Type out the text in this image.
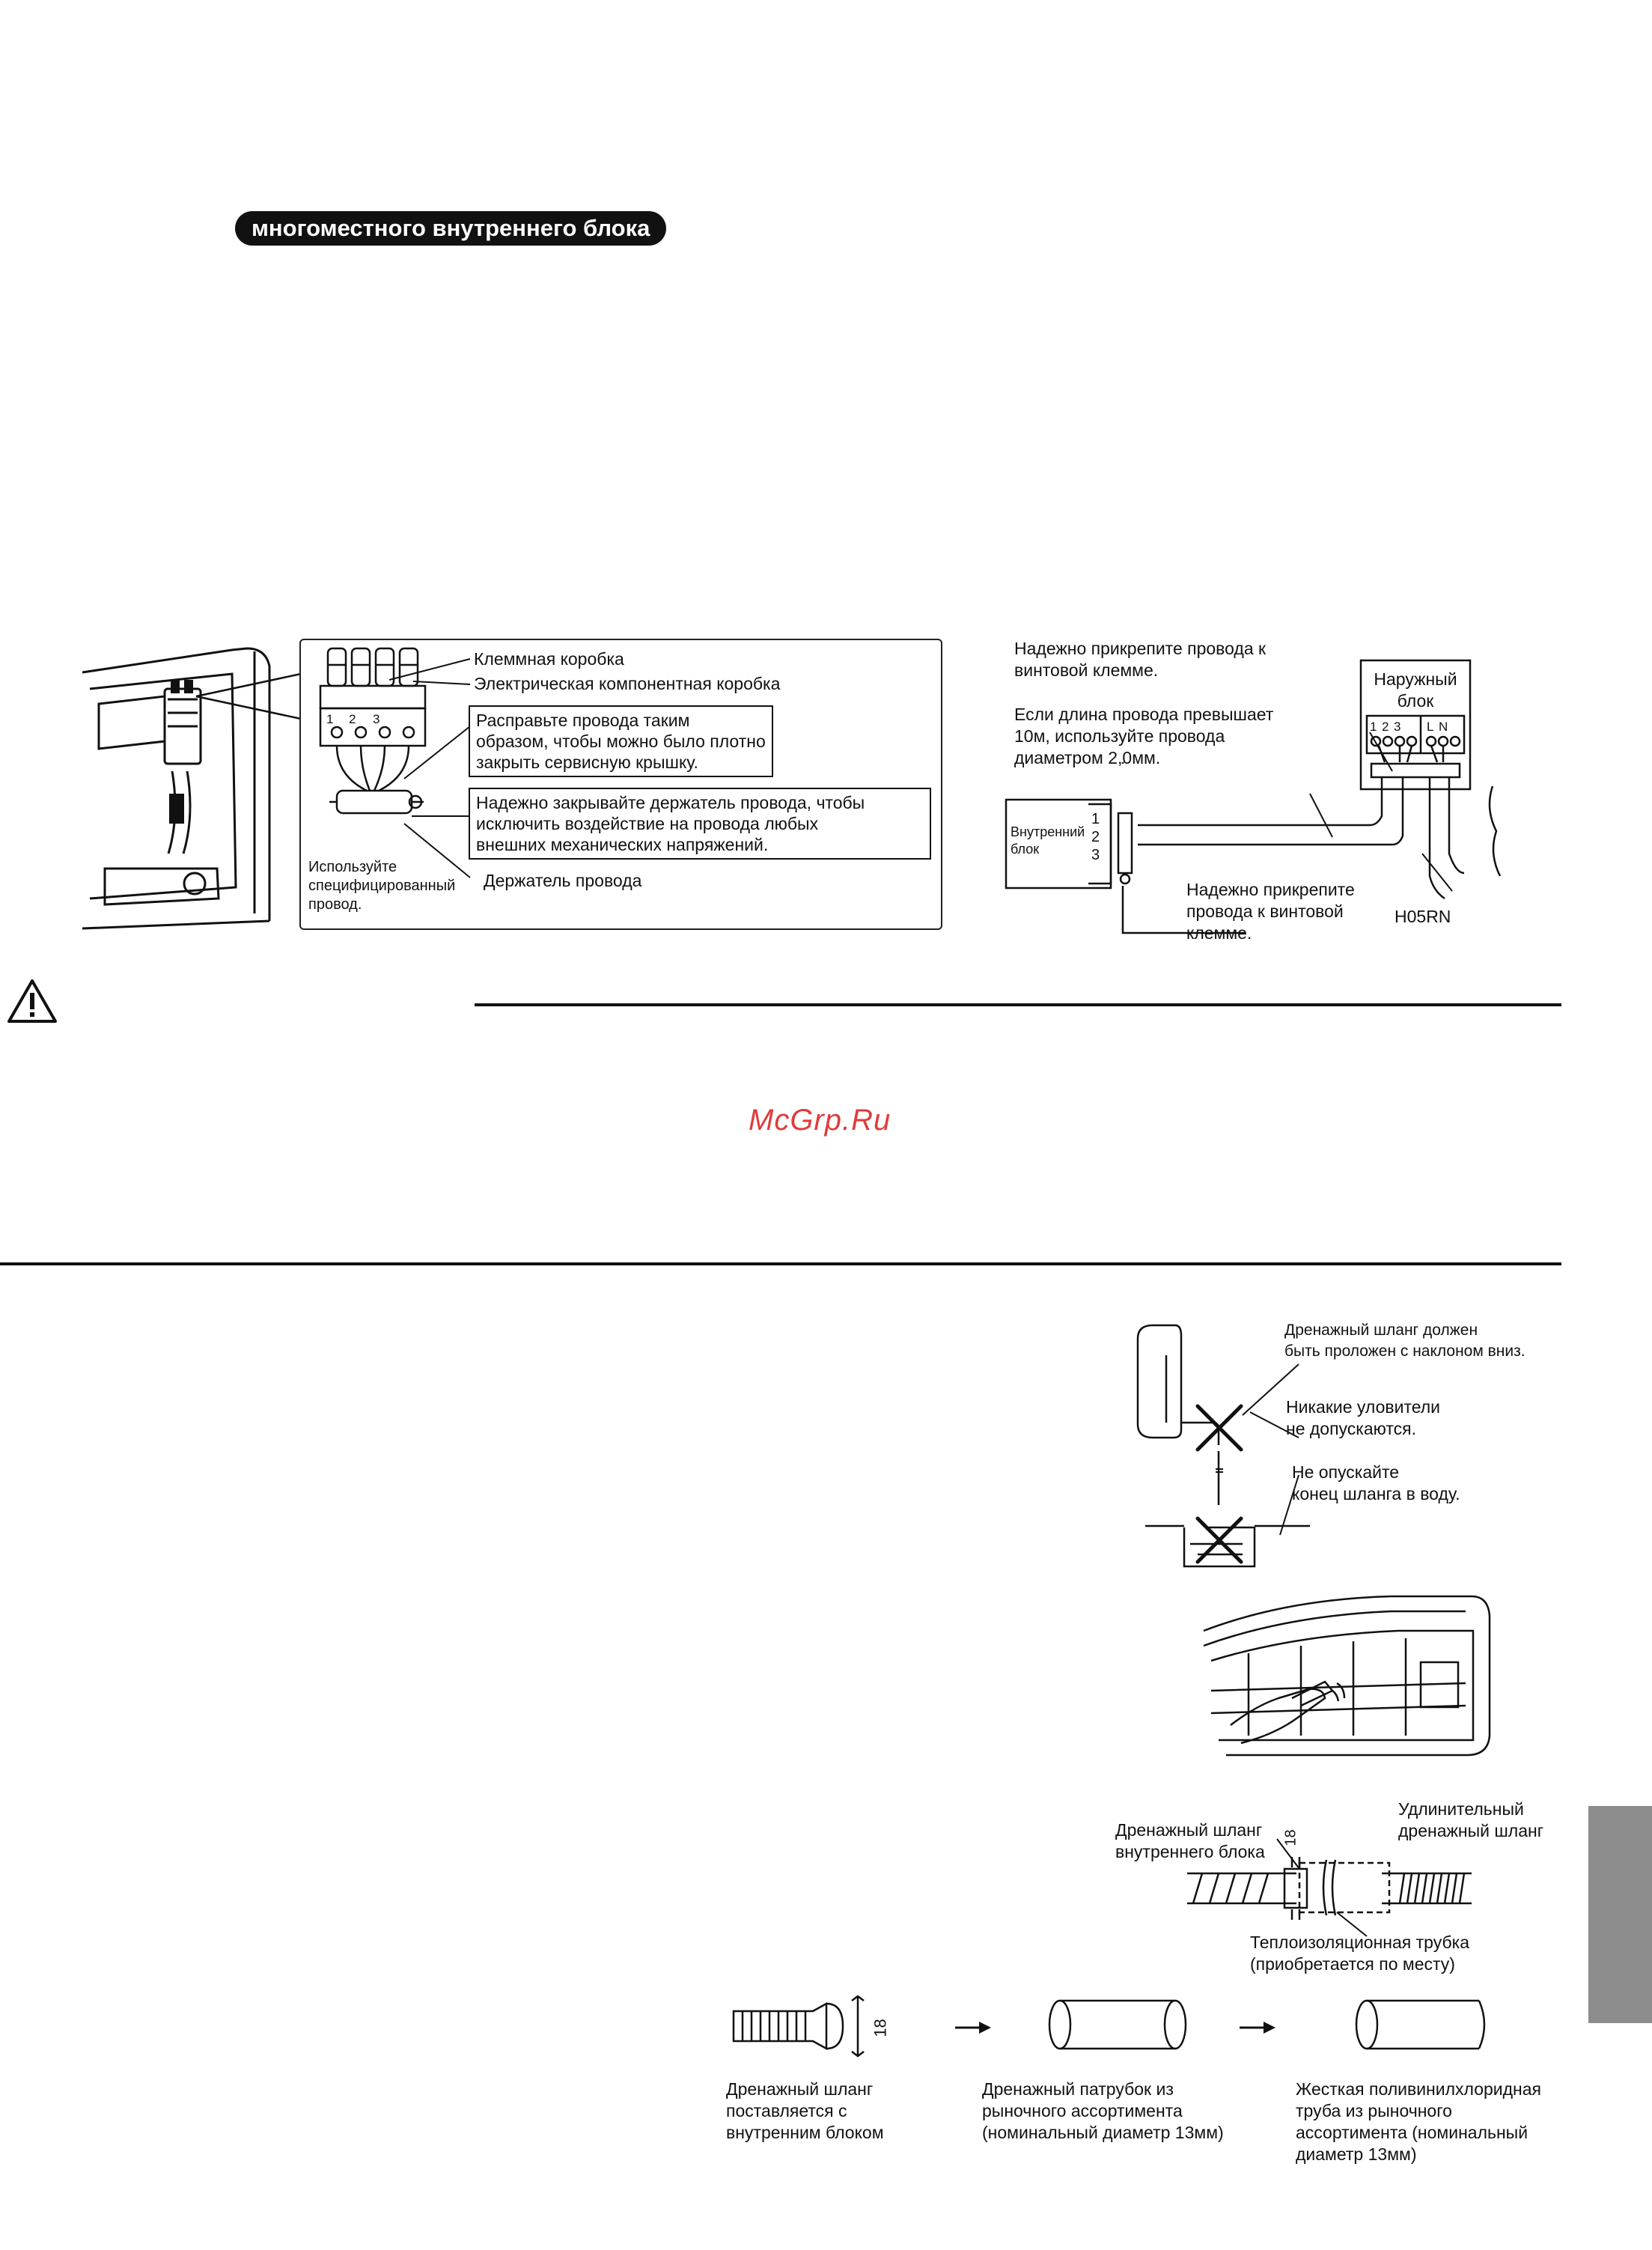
многоместного внутреннего блока
1 2 3
Клеммная коробка
Электрическая компонентная коробка
Расправьте провода таким
образом, чтобы можно было плотно
закрыть сервисную крышку.
Надежно закрывайте держатель провода, чтобы
исключить воздействие на провода любых
внешних механических напряжений.
Держатель провода
Используйте
специфицированный
провод.
Надежно прикрепите провода к
винтовой клемме.
Если длина провода превышает
10м, используйте провода
диаметром 2,0мм.
Наружный
блок
1 2 3 L N
Внутренний
блок
1
2
3
Надежно прикрепите
провода к винтовой
клемме.
H05RN
McGrp.Ru
Дренажный шланг должен
быть проложен с наклоном вниз.
Никакие уловители
не допускаются.
Не опускайте
конец шланга в воду.
Дренажный шланг
внутреннего блока
Удлинительный
дренажный шланг
18
Теплоизоляционная трубка
(приобретается по месту)
18
Дренажный шланг
поставляется с
внутренним блоком
Дренажный патрубок из
рыночного ассортимента
(номинальный диаметр 13мм)
Жесткая поливинилхлоридная
труба из рыночного
ассортимента (номинальный
диаметр 13мм)
